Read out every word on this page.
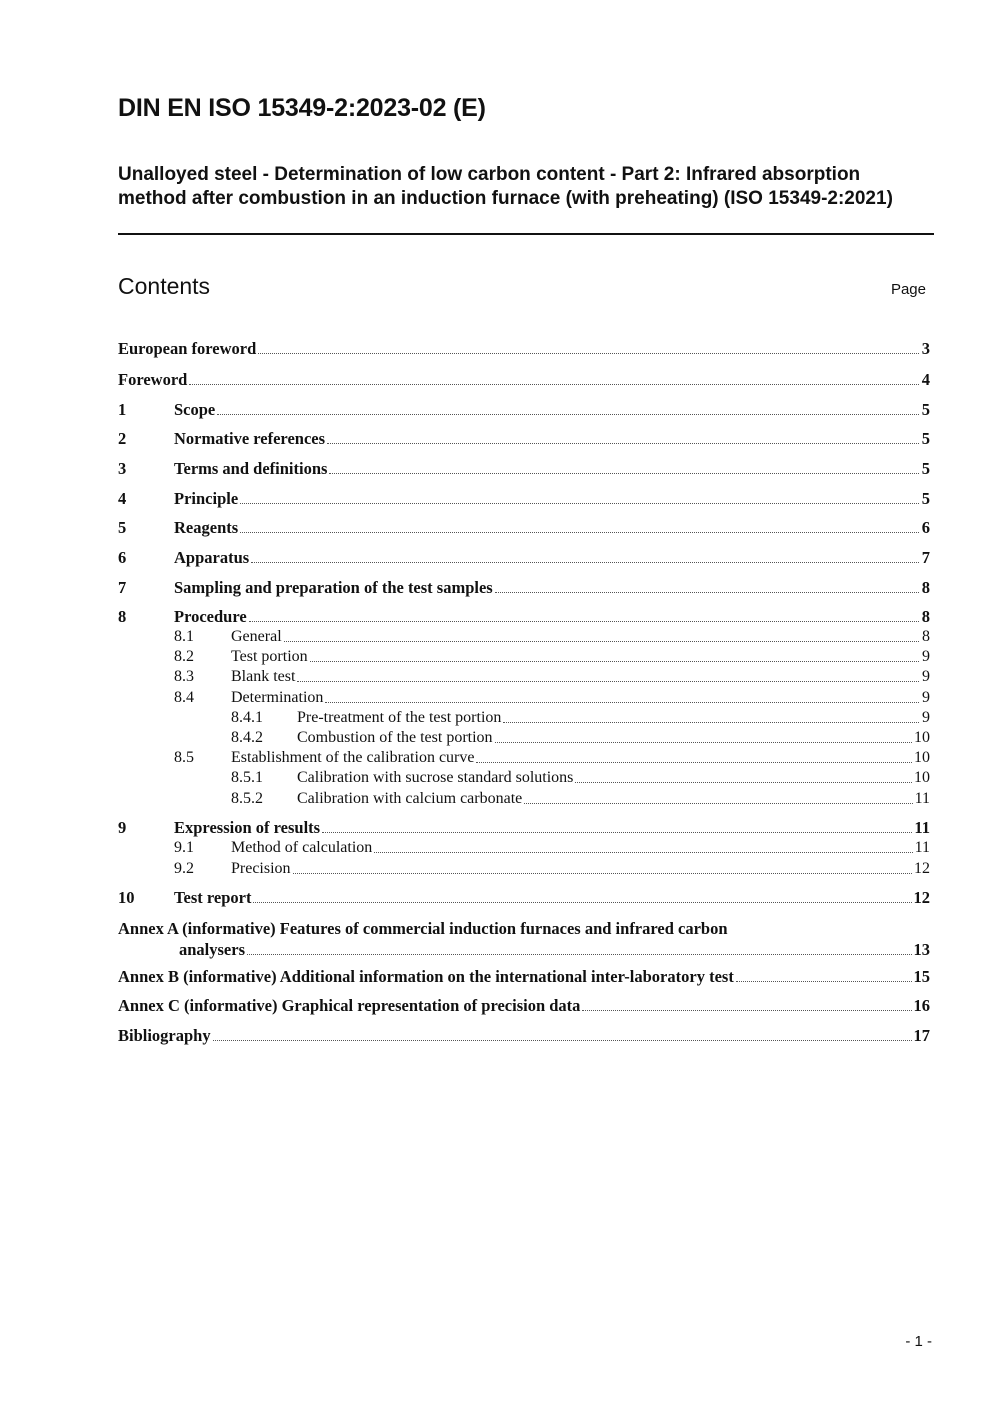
DIN EN ISO 15349-2:2023-02 (E)
Unalloyed steel - Determination of low carbon content - Part 2: Infrared absorption method after combustion in an induction furnace (with preheating) (ISO 15349-2:2021)
Contents	Page
European foreword	3
Foreword	4
1	Scope	5
2	Normative references	5
3	Terms and definitions	5
4	Principle	5
5	Reagents	6
6	Apparatus	7
7	Sampling and preparation of the test samples	8
8	Procedure	8
8.1	General	8
8.2	Test portion	9
8.3	Blank test	9
8.4	Determination	9
8.4.1	Pre-treatment of the test portion	9
8.4.2	Combustion of the test portion	10
8.5	Establishment of the calibration curve	10
8.5.1	Calibration with sucrose standard solutions	10
8.5.2	Calibration with calcium carbonate	11
9	Expression of results	11
9.1	Method of calculation	11
9.2	Precision	12
10	Test report	12
Annex A (informative) Features of commercial induction furnaces and infrared carbon
analysers	13
Annex B (informative) Additional information on the international inter-laboratory test	15
Annex C (informative) Graphical representation of precision data	16
Bibliography	17
- 1 -
